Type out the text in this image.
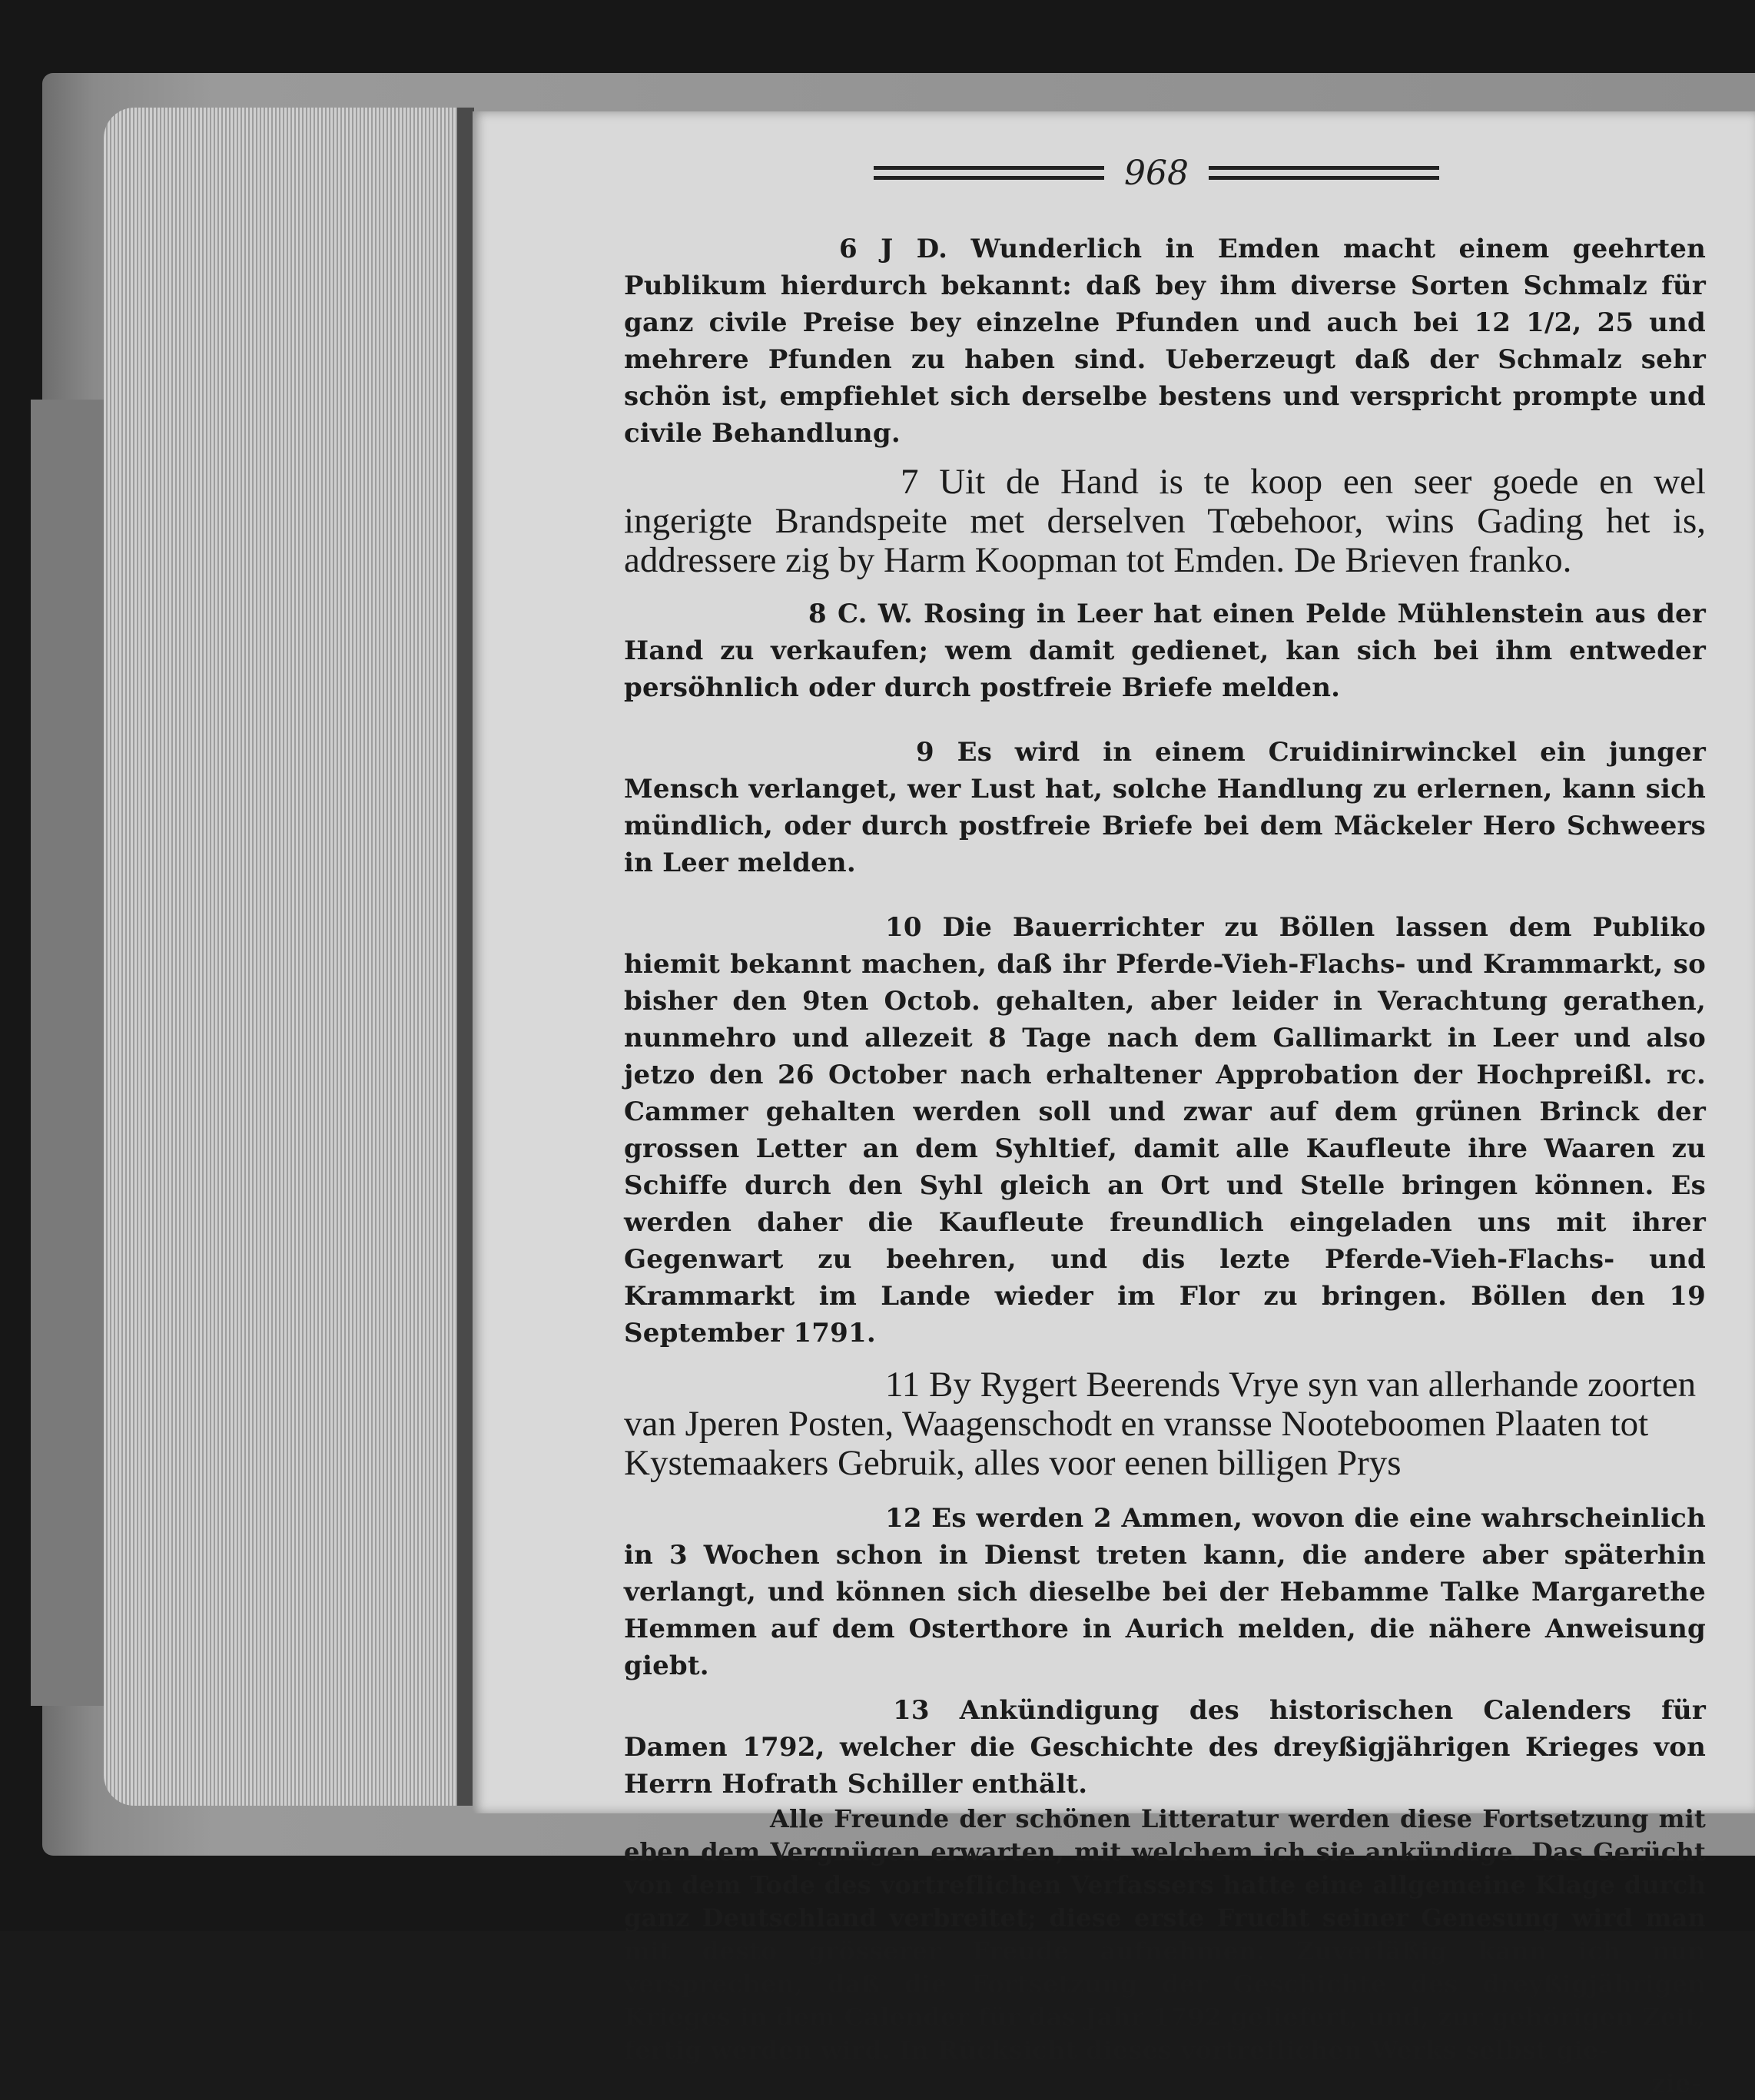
968

6 J D. Wunderlich in Emden macht einem geehrten Publikum hierdurch bekannt: daß bey ihm diverse Sorten Schmalz für ganz civile Preise bey einzelne Pfunden und auch bei 12 1/2, 25 und mehrere Pfunden zu haben sind. Ueberzeugt daß der Schmalz sehr schön ist, empfiehlet sich derselbe bestens und verspricht prompte und civile Behandlung.

7 Uit de Hand is te koop een seer goede en wel ingerigte Brandspeite met derselven Tœbehoor, wins Gading het is, addressere zig by Harm Koopman tot Emden. De Brieven franko.

8 C. W. Rosing in Leer hat einen Pelde Mühlenstein aus der Hand zu verkaufen; wem damit gedienet, kan sich bei ihm entweder persöhnlich oder durch postfreie Briefe melden.

9 Es wird in einem Cruidinirwinckel ein junger Mensch verlanget, wer Lust hat, solche Handlung zu erlernen, kann sich mündlich, oder durch postfreie Briefe bei dem Mäckeler Hero Schweers in Leer melden.

10 Die Bauerrichter zu Böllen lassen dem Publiko hiemit bekannt machen, daß ihr Pferde-Vieh-Flachs- und Krammarkt, so bisher den 9ten Octob. gehalten, aber leider in Verachtung gerathen, nunmehro und allezeit 8 Tage nach dem Gallimarkt in Leer und also jetzo den 26 October nach erhaltener Approbation der Hochpreißl. rc. Cammer gehalten werden soll und zwar auf dem grünen Brinck der grossen Letter an dem Syhltief, damit alle Kaufleute ihre Waaren zu Schiffe durch den Syhl gleich an Ort und Stelle bringen können. Es werden daher die Kaufleute freundlich eingeladen uns mit ihrer Gegenwart zu beehren, und dis lezte Pferde-Vieh-Flachs- und Krammarkt im Lande wieder im Flor zu bringen. Böllen den 19 September 1791.

11 By Rygert Beerends Vrye syn van allerhande zoorten van Jperen Posten, Waagenschodt en vransse Nooteboomen Plaaten tot Kystemaakers Gebruik, alles voor eenen billigen Prys

12 Es werden 2 Ammen, wovon die eine wahrscheinlich in 3 Wochen schon in Dienst treten kann, die andere aber späterhin verlangt, und können sich dieselbe bei der Hebamme Talke Margarethe Hemmen auf dem Osterthore in Aurich melden, die nähere Anweisung giebt.

13 Ankündigung des historischen Calenders für Damen 1792, welcher die Geschichte des dreyßigjährigen Krieges von Herrn Hofrath Schiller enthält.

Alle Freunde der schönen Litteratur werden diese Fortsetzung mit eben dem Vergnügen erwarten, mit welchem ich sie ankündige. Das Gerücht von dem Tode des vortreflichen Verfassers hatte eine allgemeine Klage durch ganz Deutschland verbreitet; diese erste Frucht seiner Genesung wird man mit desto grösserer Freude aufnehmen. Zuverläßig kann ich nun versprechen, daß die Fortsetzung der Geschichte des dreyßigjährigen Krieges in dem Calender für das Jahr 1792 geliefert, und, zur gehörigen Zeit, fertig werden wird. In Rücksicht dieses vortreflichen Werks selbst gie-

zie-
